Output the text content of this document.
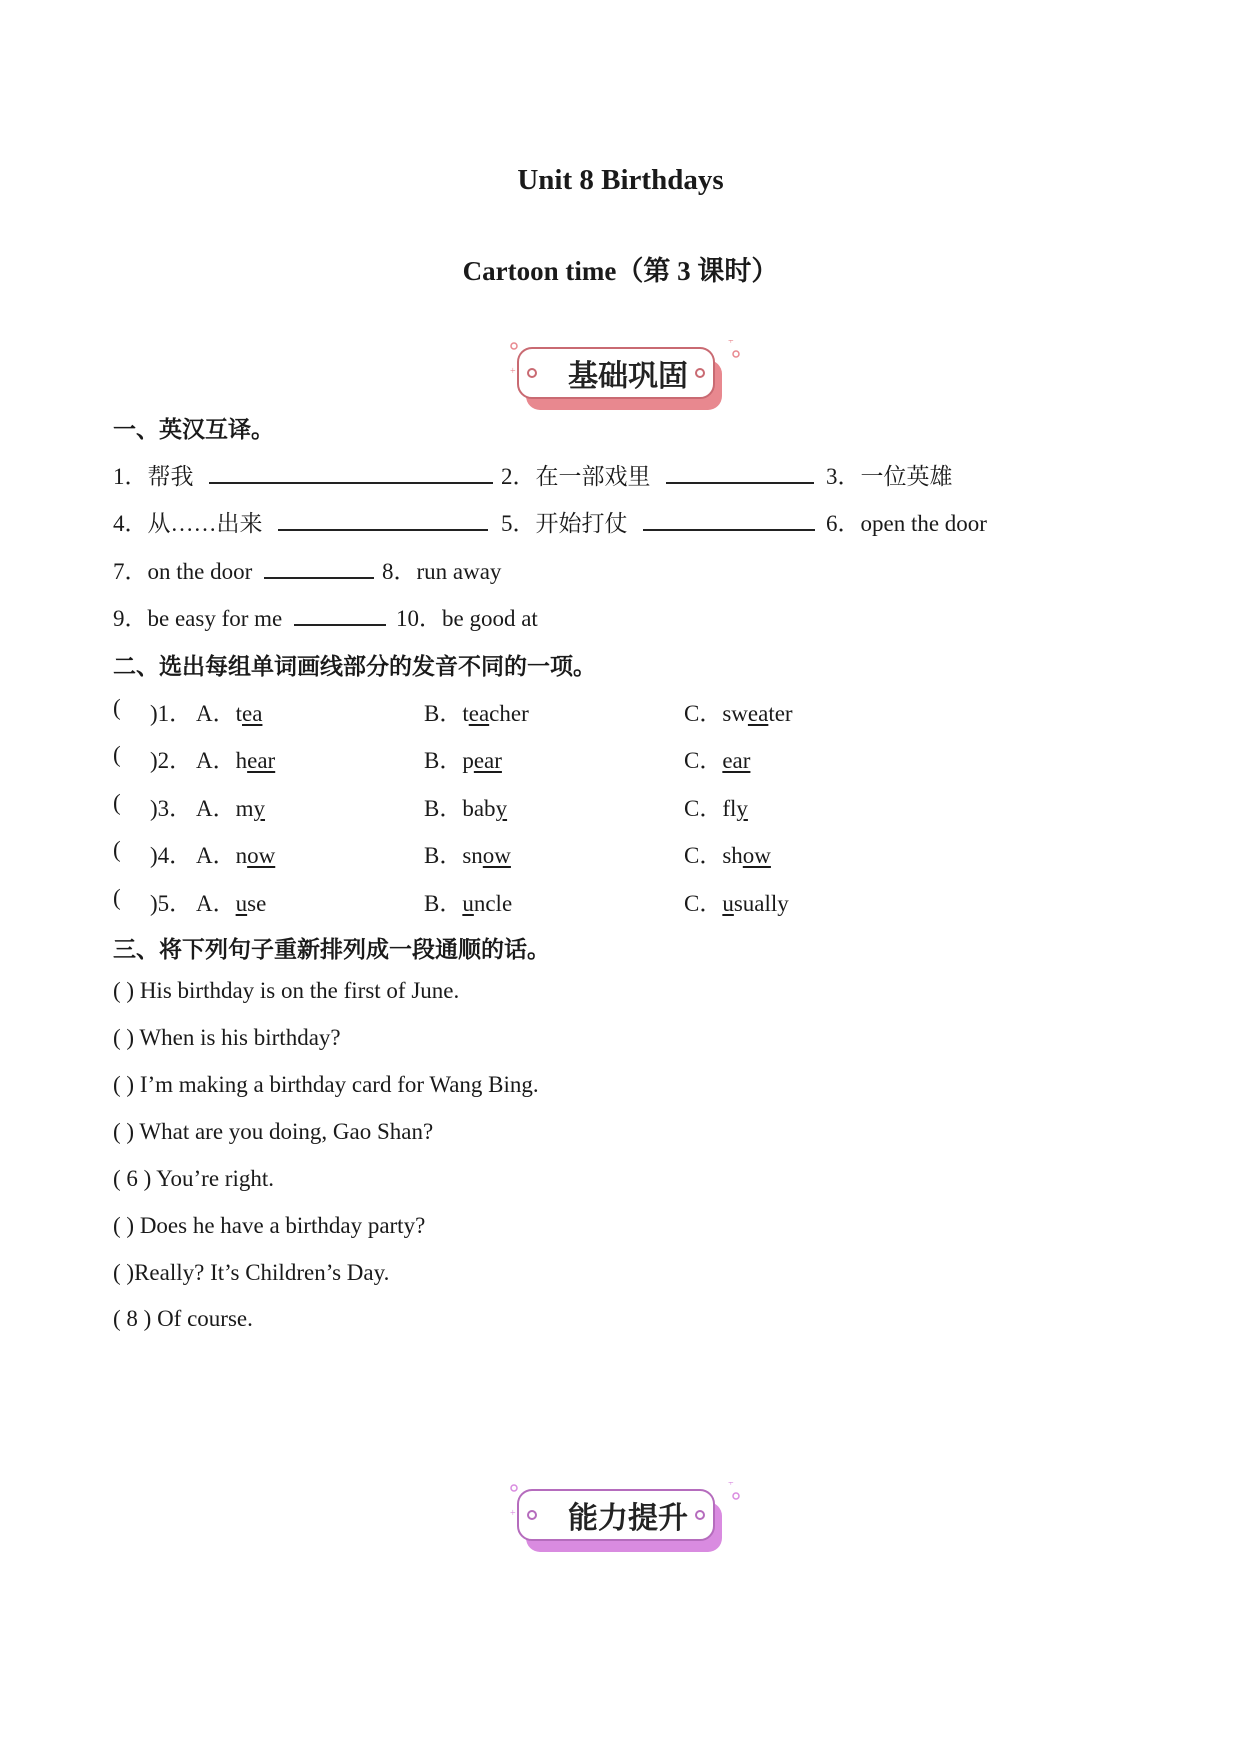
Unit 8 Birthdays
Cartoon time（第 3 课时）
+
+
基础巩固
一、英汉互译。
1．帮我	2．在一部戏里	3．一位英雄
4．从……出来	5．开始打仗	6．open the door
7．on the door	8．run away
9．be easy for me	10．be good at
二、选出每组单词画线部分的发音不同的一项。
(	)1． A．tea	B．teacher	C．sweater
(	)2． A．hear	B．pear	C．ear
(	)3． A．my	B．baby	C．fly
(	)4． A．now	B．snow	C．show
(	)5． A．use	B．uncle	C．usually
三、将下列句子重新排列成一段通顺的话。
( ) His birthday is on the first of June.
( ) When is his birthday?
( ) I’m making a birthday card for Wang Bing.
( ) What are you doing, Gao Shan?
( 6 ) You’re right.
( ) Does he have a birthday party?
( )Really? It’s Children’s Day.
( 8 ) Of course.
+
+
能力提升
